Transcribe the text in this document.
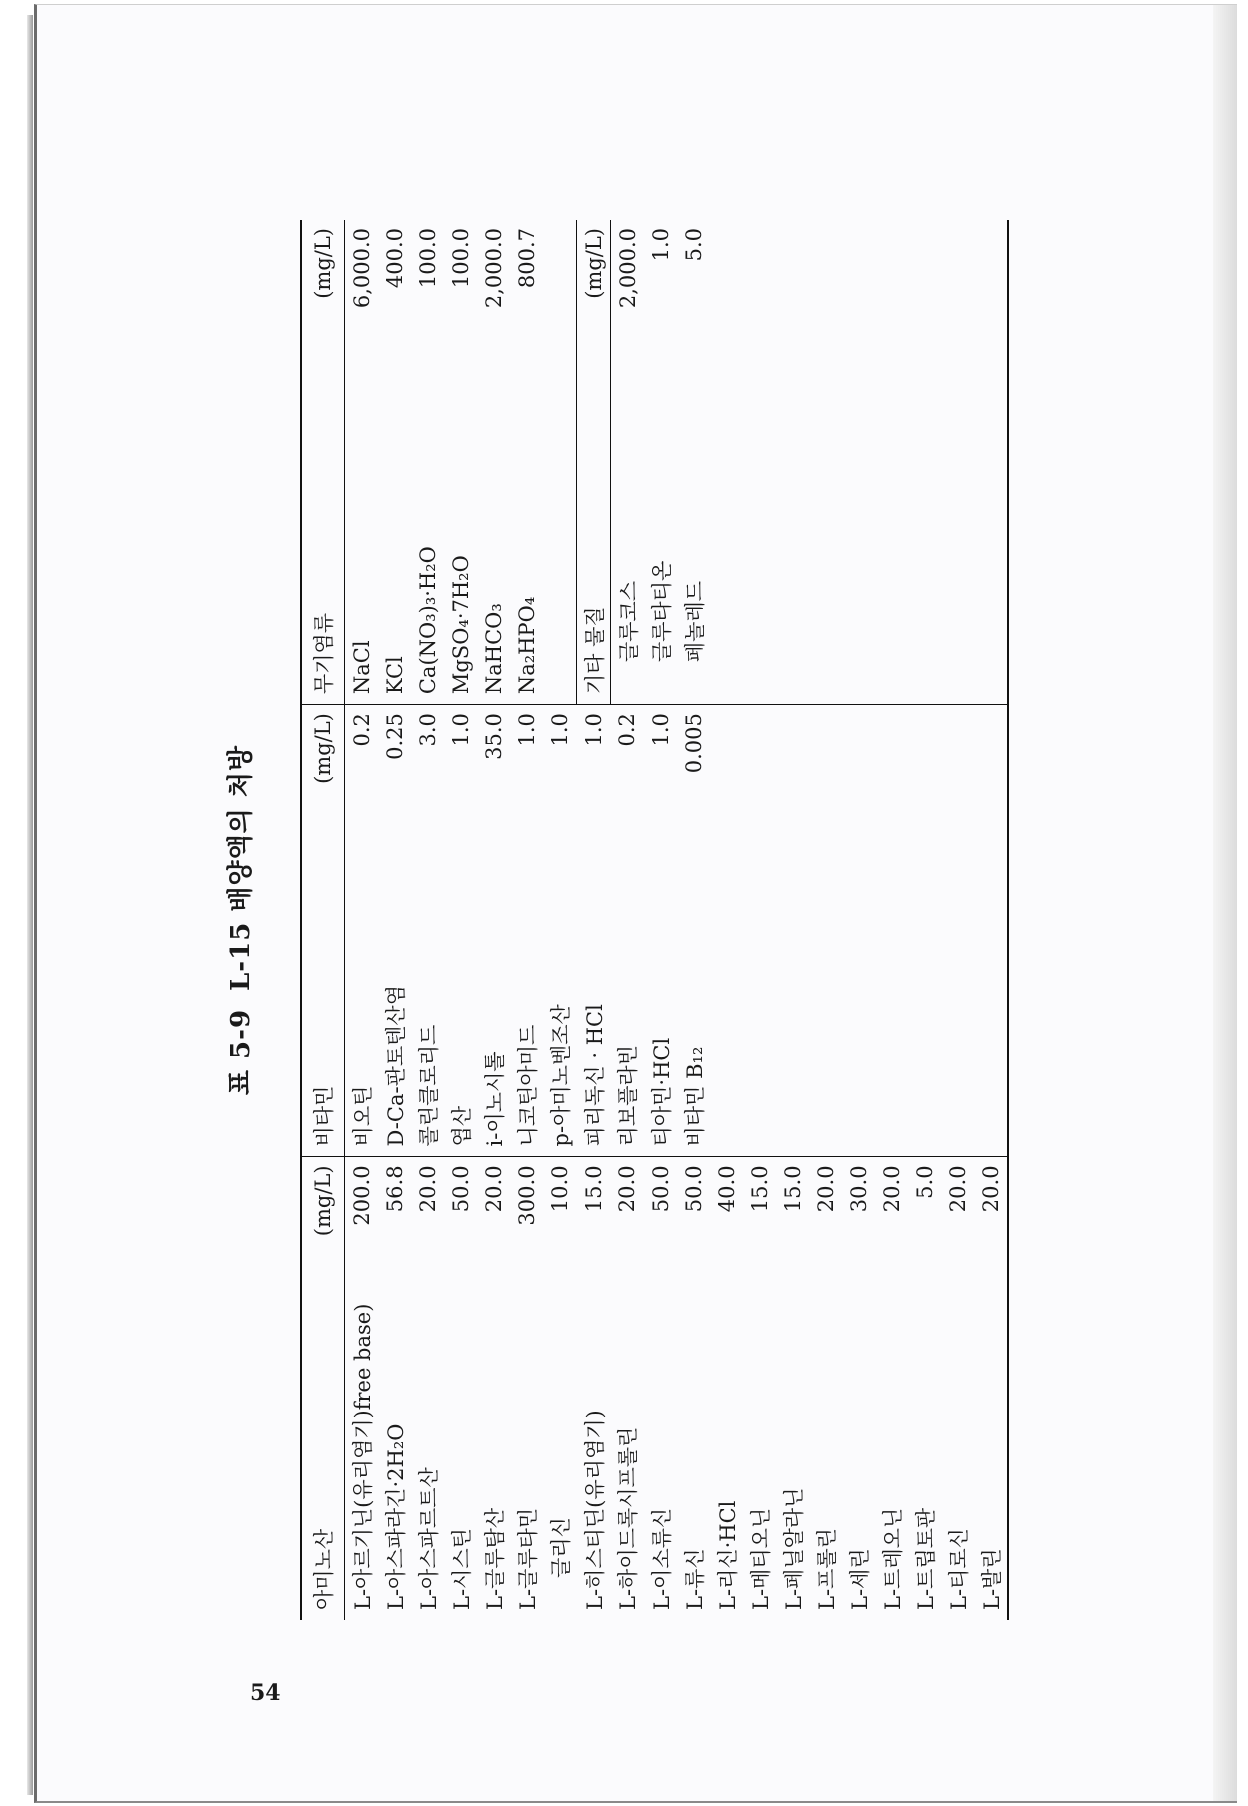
54
표 5-9L-15 배양액의 처방
아미노산	(mg/L)	비타민	(mg/L)	무기염류	(mg/L)
L-아르기닌(유리염기)free base)	200.0	비오틴	0.2	NaCl	6,000.0
L-아스파라긴·2H₂O	56.8	D-Ca-판토텐산염	0.25	KCl	400.0
L-아스파르트산	20.0	콜린클로리드	3.0	Ca(NO₃)₃·H₂O	100.0
L-시스틴	50.0	엽산	1.0	MgSO₄·7H₂O	100.0
L-글루탐산	20.0	i-이노시톨	35.0	NaHCO₃	2,000.0
L-글루타민	300.0	니코틴아미드	1.0	Na₂HPO₄	800.7
글리신	10.0	p-아미노벤조산	1.0		
L-히스티딘(유리염기)	15.0	피리독신 · HCl	1.0	기타 물질	(mg/L)
L-하이드록시프롤린	20.0	리보플라빈	0.2	글루코스	2,000.0
L-이소류신	50.0	티아민·HCl	1.0	글루타티온	1.0
L-류신	50.0	비타민 B₁₂	0.005	페놀레드	5.0
L-리신·HCl	40.0				
L-메티오닌	15.0				
L-페닐알라닌	15.0				
L-프롤린	20.0				
L-세린	30.0				
L-트레오닌	20.0				
L-트립토판	5.0				
L-티로신	20.0				
L-발린	20.0				
